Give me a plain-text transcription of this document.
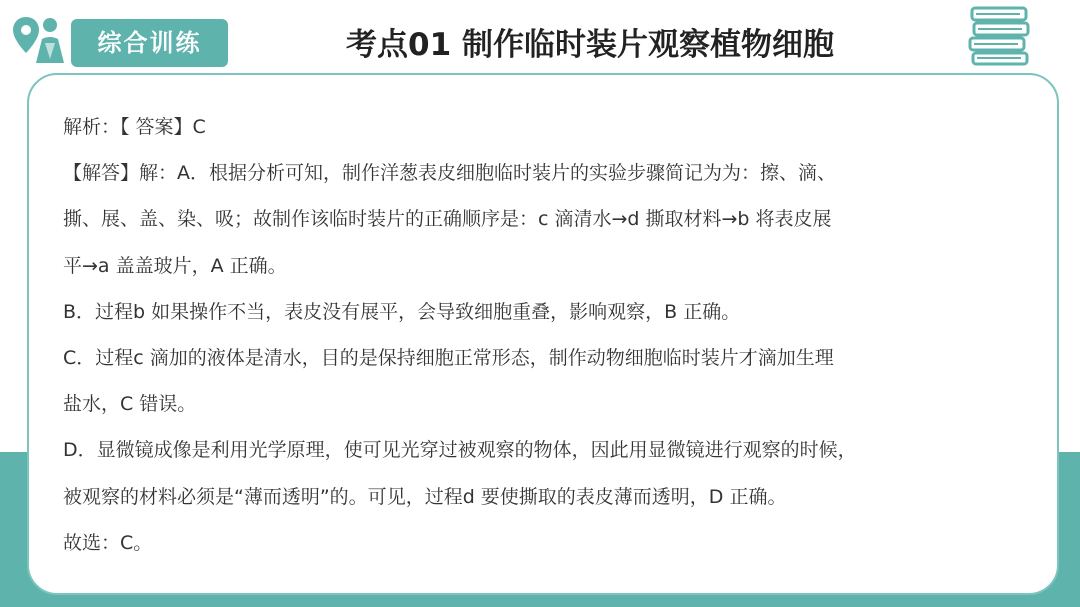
综合训练	考点01 制作临时装片观察植物细胞

解析：【 答案】C

【解答】解：A．根据分析可知，制作洋葱表皮细胞临时装片的实验步骤简记为为：擦、滴、

撕、展、盖、染、吸；故制作该临时装片的正确顺序是：c 滴清水→d 撕取材料→b 将表皮展

平→a 盖盖玻片，A 正确。

B．过程b 如果操作不当，表皮没有展平，会导致细胞重叠，影响观察，B 正确。

C．过程c 滴加的液体是清水，目的是保持细胞正常形态，制作动物细胞临时装片才滴加生理

盐水，C 错误。

D．显微镜成像是利用光学原理，使可见光穿过被观察的物体，因此用显微镜进行观察的时候，

被观察的材料必须是“薄而透明”的。可见，过程d 要使撕取的表皮薄而透明，D 正确。

故选：C。
